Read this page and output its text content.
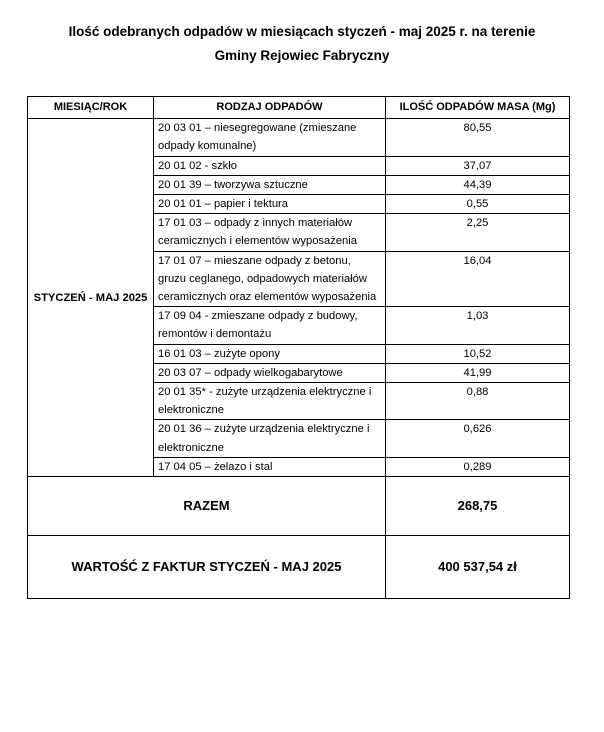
Ilość odebranych odpadów w miesiącach styczeń - maj 2025 r. na terenie
Gminy Rejowiec Fabryczny
MIESIĄC/ROK	RODZAJ ODPADÓW	ILOŚĆ ODPADÓW MASA (Mg)
STYCZEŃ - MAJ 2025	20 03 01 – niesegregowane (zmieszane odpady komunalne)	80,55
	20 01 02 - szkło	37,07
	20 01 39 – tworzywa sztuczne	44,39
	20 01 01 – papier i tektura	0,55
	17 01 03 – odpady z innych materiałów ceramicznych i elementów wyposażenia	2,25
	17 01 07 – mieszane odpady z betonu, gruzu ceglanego, odpadowych materiałów ceramicznych oraz elementów wyposażenia	16,04
	17 09 04 - zmieszane odpady z budowy, remontów i demontażu	1,03
	16 01 03 – zużyte opony	10,52
	20 03 07 – odpady wielkogabarytowe	41,99
	20 01 35* - zużyte urządzenia elektryczne i elektroniczne	0,88
	20 01 36 – zużyte urządzenia elektryczne i elektroniczne	0,626
	17 04 05 – żelazo i stal	0,289
RAZEM		268,75
WARTOŚĆ Z FAKTUR STYCZEŃ - MAJ 2025		400 537,54 zł
